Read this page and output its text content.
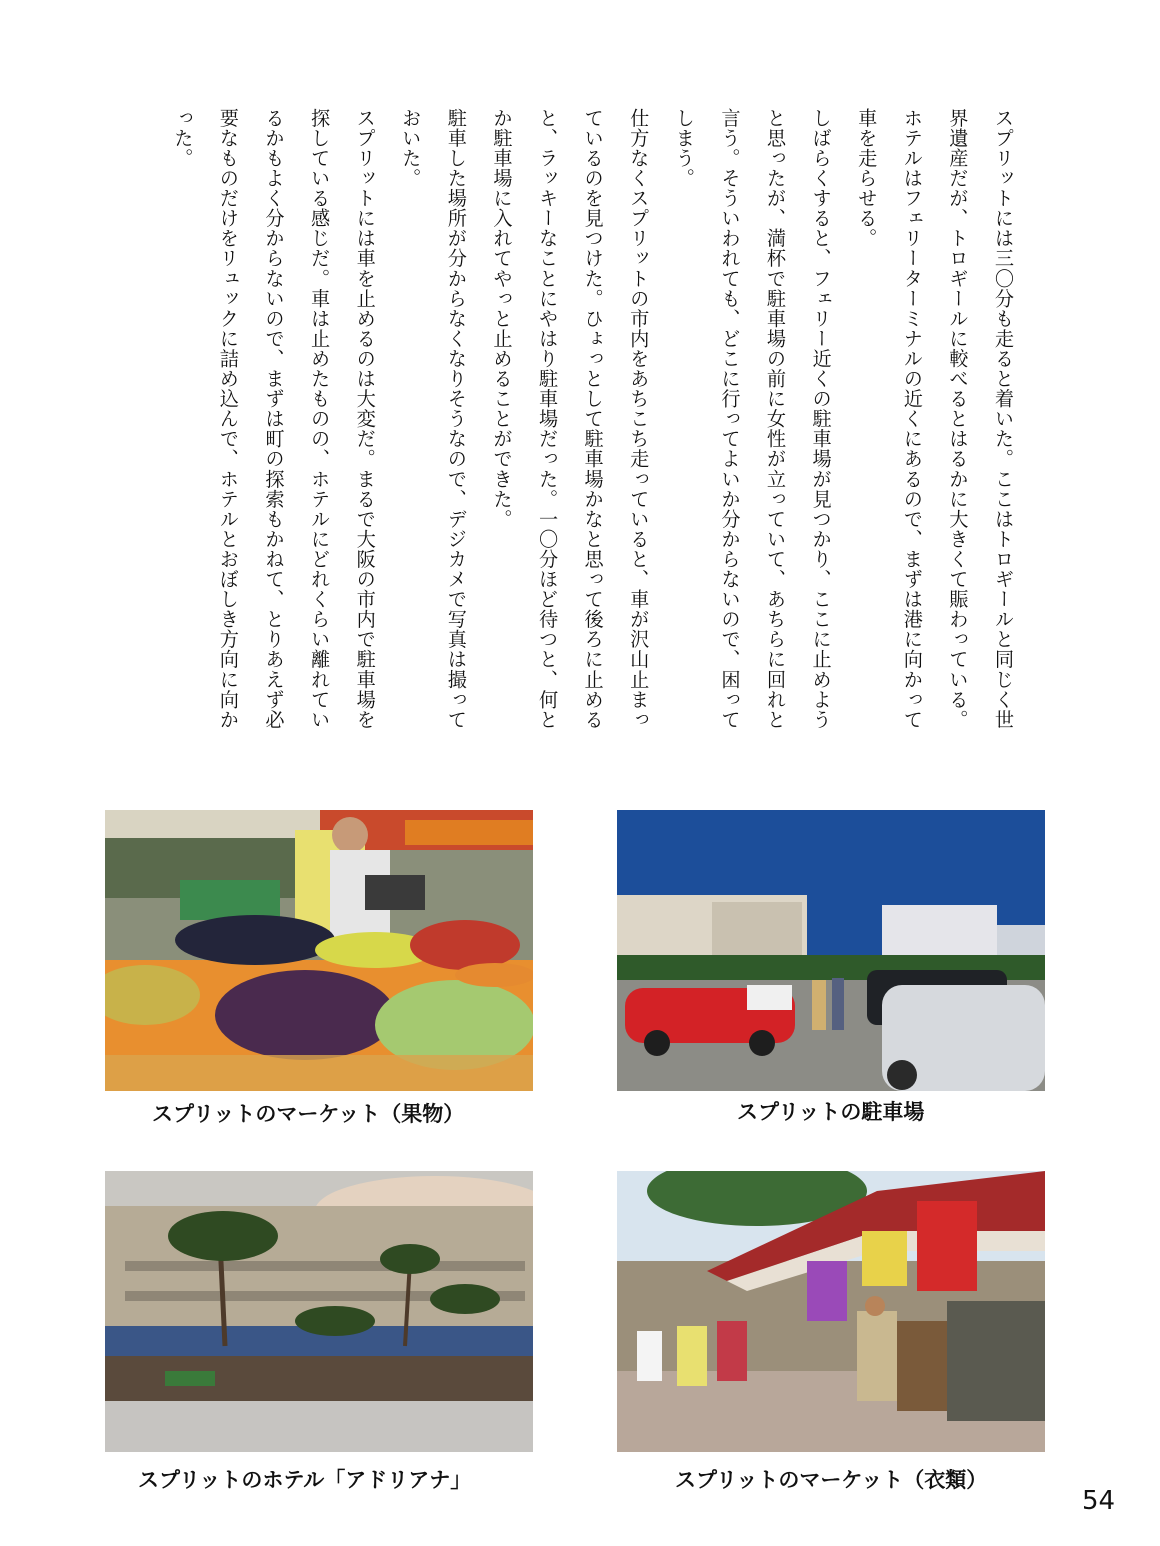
スプリットには三〇分も走ると着いた。ここはトロギールと同じく世界遺産だが、トロギールに較べるとはるかに大きくて賑わっている。ホテルはフェリーターミナルの近くにあるので、まずは港に向かって車を走らせる。

しばらくすると、フェリー近くの駐車場が見つかり、ここに止めようと思ったが、満杯で駐車場の前に女性が立っていて、あちらに回れと言う。そういわれても、どこに行ってよいか分からないので、困ってしまう。

仕方なくスプリットの市内をあちこち走っていると、車が沢山止まっているのを見つけた。ひょっとして駐車場かなと思って後ろに止めると、ラッキーなことにやはり駐車場だった。一〇分ほど待つと、何とか駐車場に入れてやっと止めることができた。

駐車した場所が分からなくなりそうなので、デジカメで写真は撮っておいた。

スプリットには車を止めるのは大変だ。まるで大阪の市内で駐車場を探している感じだ。車は止めたものの、ホテルにどれくらい離れているかもよく分からないので、まずは町の探索もかねて、とりあえず必要なものだけをリュックに詰め込んで、ホテルとおぼしき方向に向かった。

スプリットのマーケット（果物）	スプリットの駐車場
スプリットのホテル「アドリアナ」	スプリットのマーケット（衣類）
54
